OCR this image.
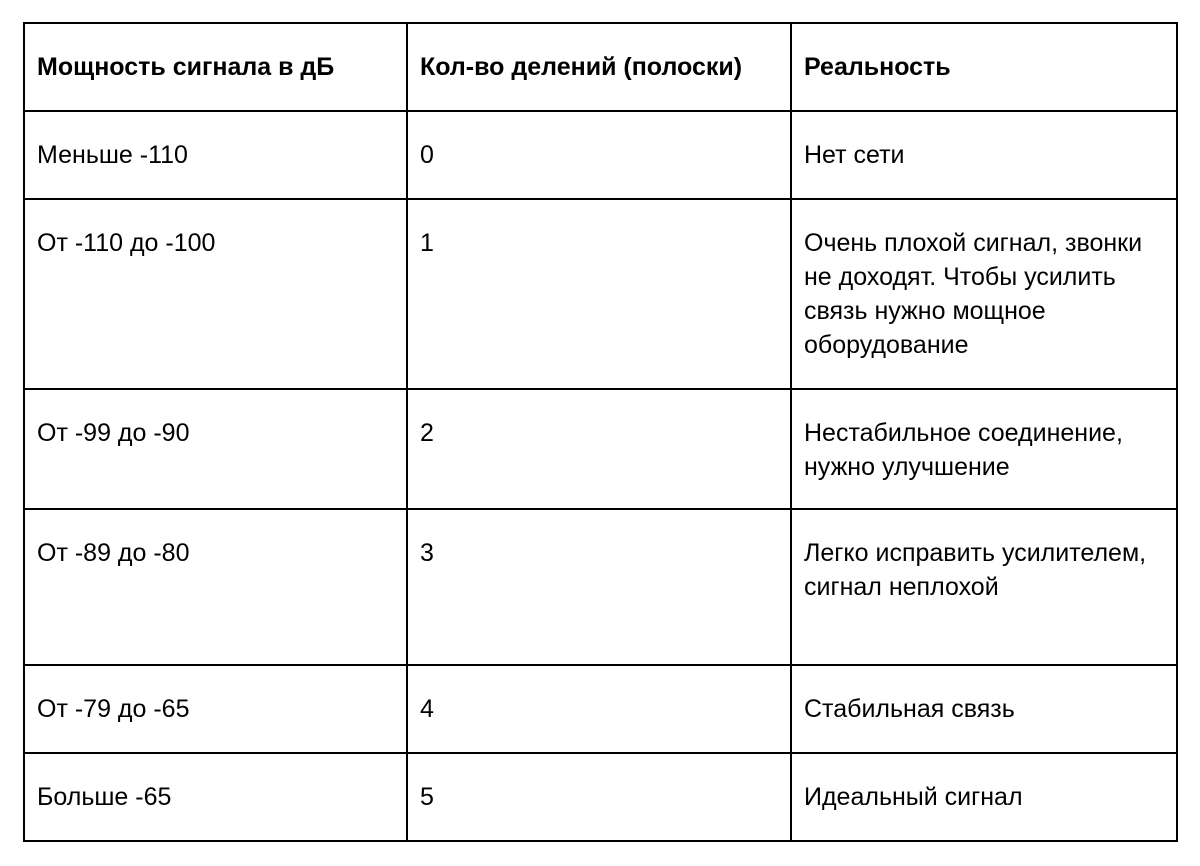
Мощность сигнала в дБ	Кол-во делений (полоски)	Реальность
Меньше -110	0	Нет сети
От -110 до -100	1	Очень плохой сигнал, звонки не доходят. Чтобы усилить связь нужно мощное оборудование
От -99 до -90	2	Нестабильное соединение, нужно улучшение
От -89 до -80	3	Легко исправить усилителем, сигнал неплохой
От -79 до -65	4	Стабильная связь
Больше -65	5	Идеальный сигнал
